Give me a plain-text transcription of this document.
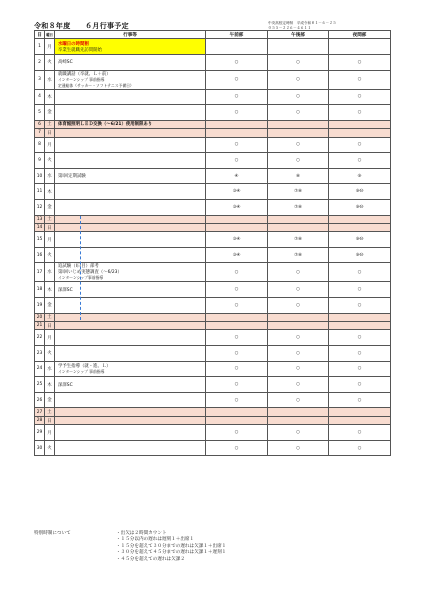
令和８年度　　６月行事予定	中央高校定時制　平成令和８１－６－２５
０５５－２２６－４６１１
日	曜日	行事等	午前部	午後部	夜間部
1	月	水曜日の時間割
卒業生就職先訪問開始			

2	火	高崎SC	○	○	○
3	水	就職講話（卒就、Ｌ＋前）
インターンシップ 事前指導
定通総体（サッカー・ソフトテニス予備日）	○	○	○
4	木		○	○	○
5	金		○	○	○
6	土	体育館照明ＬＥＤ交換（～6/21）使用制限あり			

7	日	

8	月		○	○	○
9	火		○	○	○
10	水	第Ⅰ回定期試験	④	⑧	⑨
11	木		③④	⑦⑧	⑨⑩
12	金		③④	⑦⑧	⑨⑩
13	土	

14	日	

15	月		③④	⑦⑧	⑨⑩
16	火		③④	⑦⑧	⑨⑩
17	水	追試験（Ⅰ日目）部考
第Ⅰ回いじめ実態調査（～6/23）
インターンシップ事前指導	○	○	○
18	木	深澤SC	○	○	○
19	金		○	○	○
20	土	

21	日	

22	月		○	○	○
23	火		○	○	○
24	水	学予生指導（就・進、Ｌ）
インターンシップ 事前指導	○	○	○
25	木	深澤SC	○	○	○
26	金		○	○	○
27	土	

28	日	

29	月		○	○	○
30	火		○	○	○
特別時制について	・出欠は２時間カウント
・１５分以内の遅れは遅刻１＋出席１
・１５分を超えて３０分までの遅れは欠課１＋出席１
・３０分を超えて４５分までの遅れは欠課１＋遅刻１
・４５分を超えての遅れは欠課２
